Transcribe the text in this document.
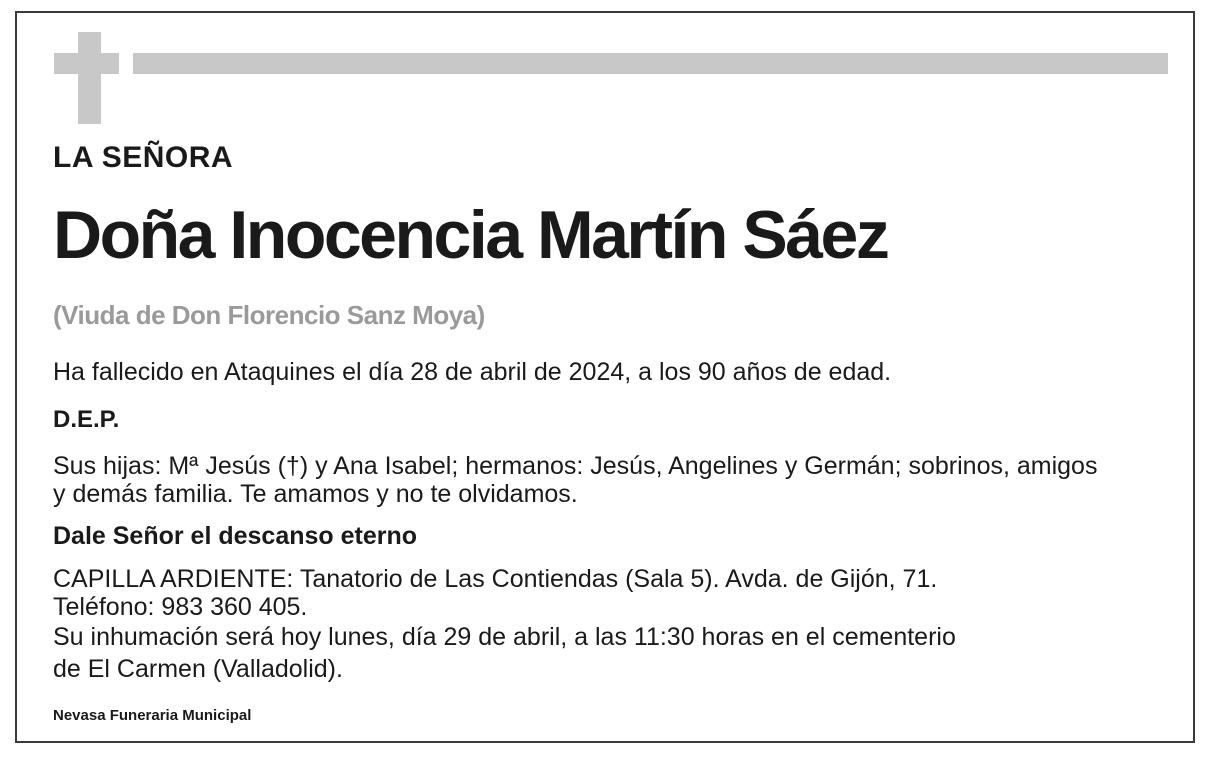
LA SEÑORA

Doña Inocencia Martín Sáez

(Viuda de Don Florencio Sanz Moya)

Ha fallecido en Ataquines el día 28 de abril de 2024, a los 90 años de edad.

D.E.P.

Sus hijas: Mª Jesús (†) y Ana Isabel; hermanos: Jesús, Angelines y Germán; sobrinos, amigos

y demás familia. Te amamos y no te olvidamos.

Dale Señor el descanso eterno

CAPILLA ARDIENTE: Tanatorio de Las Contiendas (Sala 5). Avda. de Gijón, 71.

Teléfono: 983 360 405.

Su inhumación será hoy lunes, día 29 de abril, a las 11:30 horas en el cementerio

de El Carmen (Valladolid).

Nevasa Funeraria Municipal
